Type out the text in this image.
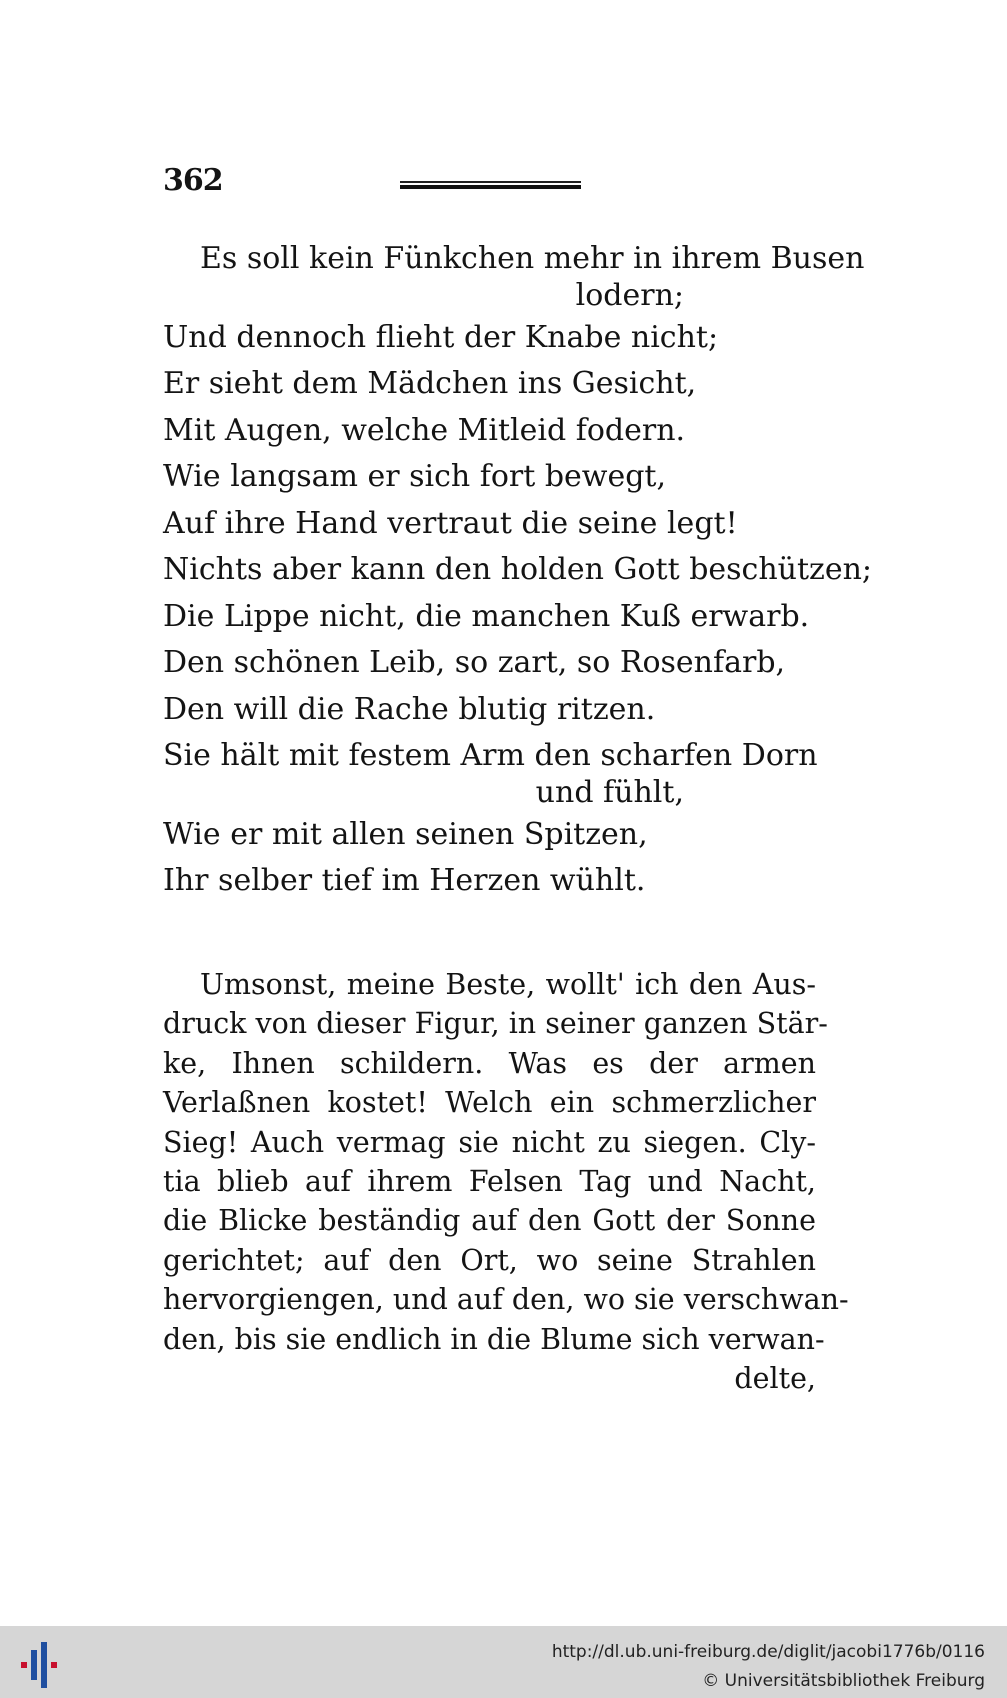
362
Es soll kein Fünkchen mehr in ihrem Busen
lodern;
Und dennoch flieht der Knabe nicht;
Er sieht dem Mädchen ins Gesicht,
Mit Augen, welche Mitleid fodern.
Wie langsam er sich fort bewegt,
Auf ihre Hand vertraut die seine legt!
Nichts aber kann den holden Gott beschützen;
Die Lippe nicht, die manchen Kuß erwarb.
Den schönen Leib, so zart, so Rosenfarb,
Den will die Rache blutig ritzen.
Sie hält mit festem Arm den scharfen Dorn
und fühlt,
Wie er mit allen seinen Spitzen,
Ihr selber tief im Herzen wühlt.
Umsonst, meine Beste, wollt' ich den Aus-
druck von dieser Figur, in seiner ganzen Stär-
ke, Ihnen schildern. Was es der armen
Verlaßnen kostet! Welch ein schmerzlicher
Sieg! Auch vermag sie nicht zu siegen. Cly-
tia blieb auf ihrem Felsen Tag und Nacht,
die Blicke beständig auf den Gott der Sonne
gerichtet; auf den Ort, wo seine Strahlen
hervorgiengen, und auf den, wo sie verschwan-
den, bis sie endlich in die Blume sich verwan-
delte,
http://dl.ub.uni-freiburg.de/diglit/jacobi1776b/0116
© Universitätsbibliothek Freiburg
